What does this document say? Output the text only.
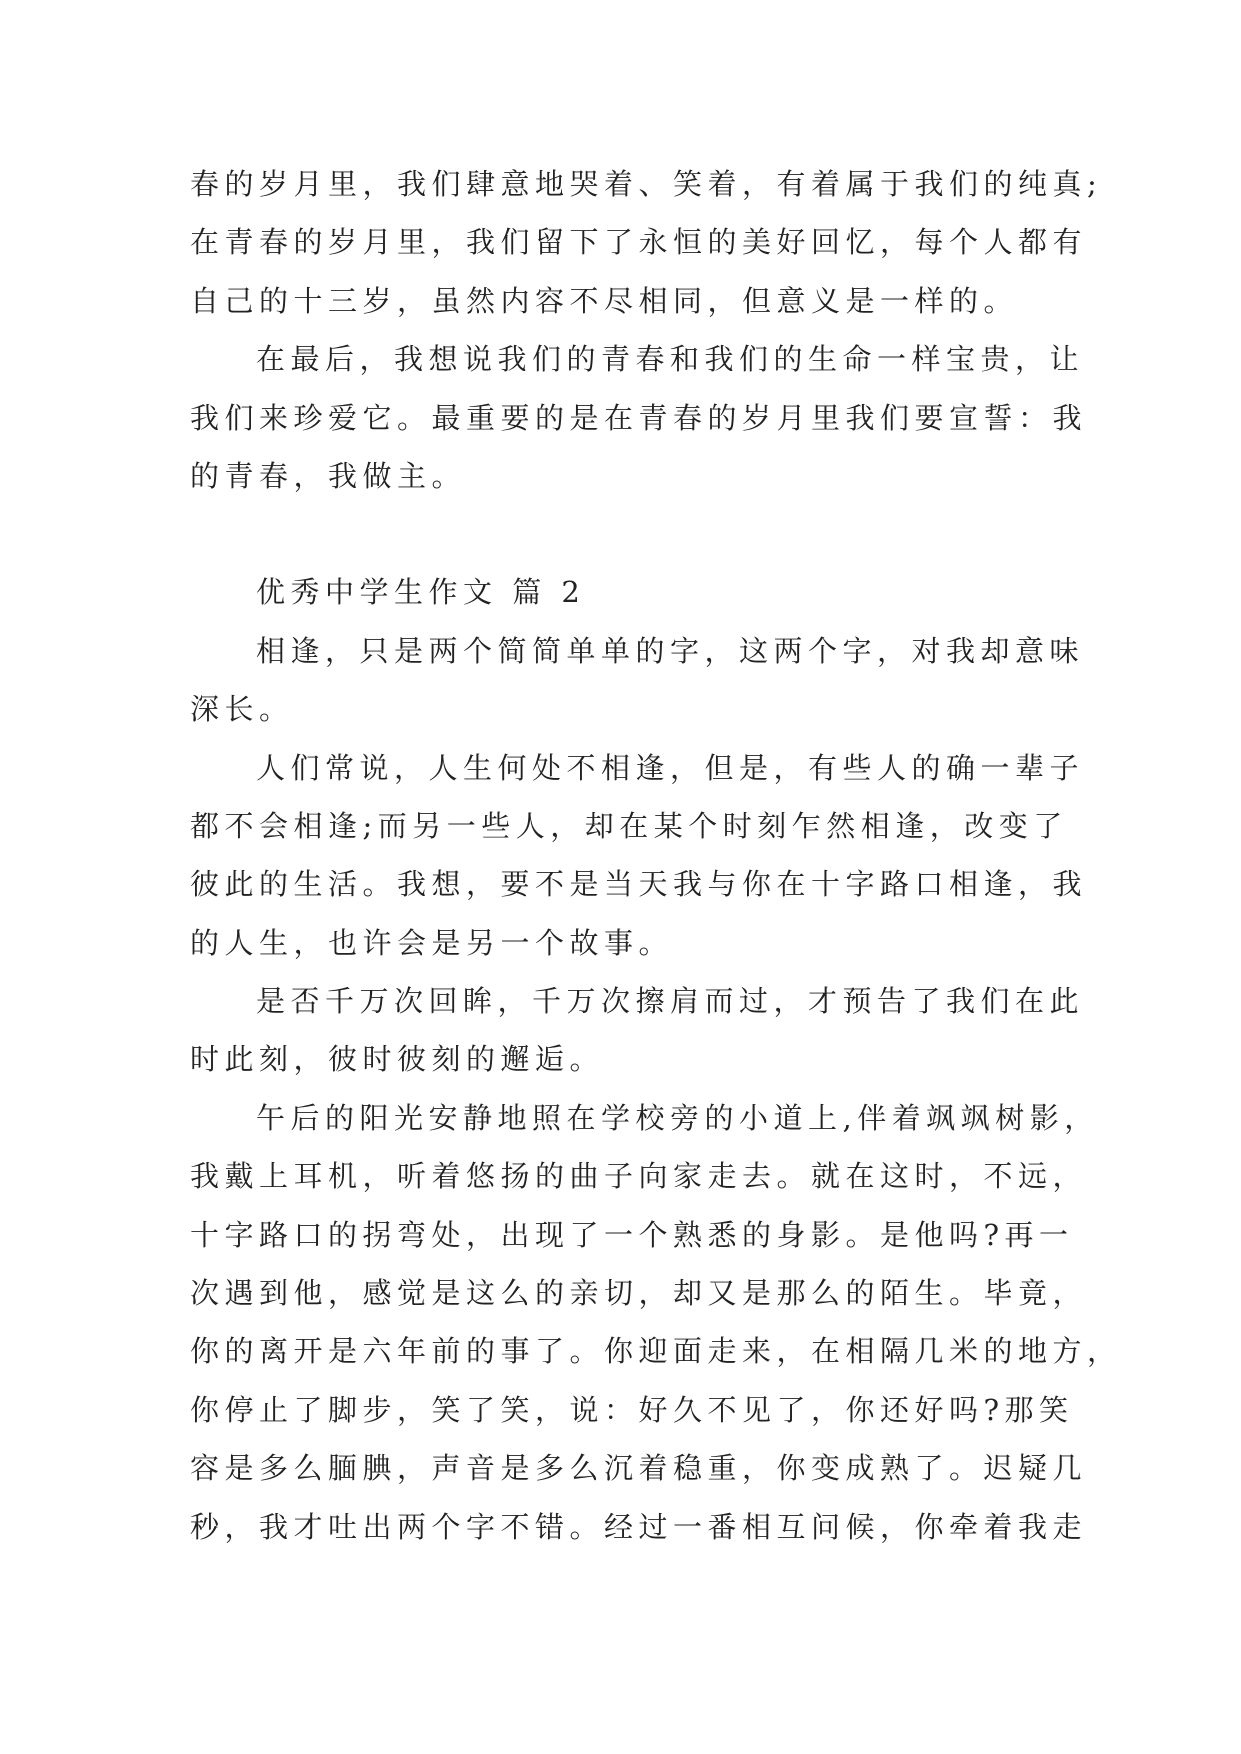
春的岁月里，我们肆意地哭着、笑着，有着属于我们的纯真;
在青春的岁月里，我们留下了永恒的美好回忆，每个人都有
自己的十三岁，虽然内容不尽相同，但意义是一样的。
在最后，我想说我们的青春和我们的生命一样宝贵，让
我们来珍爱它。最重要的是在青春的岁月里我们要宣誓：我
的青春，我做主。
优秀中学生作文 篇 2
相逢，只是两个简简单单的字，这两个字，对我却意味
深长。
人们常说，人生何处不相逢，但是，有些人的确一辈子
都不会相逢;而另一些人，却在某个时刻乍然相逢，改变了
彼此的生活。我想，要不是当天我与你在十字路口相逢，我
的人生，也许会是另一个故事。
是否千万次回眸，千万次擦肩而过，才预告了我们在此
时此刻，彼时彼刻的邂逅。
午后的阳光安静地照在学校旁的小道上,伴着飒飒树影，
我戴上耳机，听着悠扬的曲子向家走去。就在这时，不远，
十字路口的拐弯处，出现了一个熟悉的身影。是他吗?再一
次遇到他，感觉是这么的亲切，却又是那么的陌生。毕竟，
你的离开是六年前的事了。你迎面走来，在相隔几米的地方，
你停止了脚步，笑了笑，说：好久不见了，你还好吗?那笑
容是多么腼腆，声音是多么沉着稳重，你变成熟了。迟疑几
秒，我才吐出两个字不错。经过一番相互问候，你牵着我走
